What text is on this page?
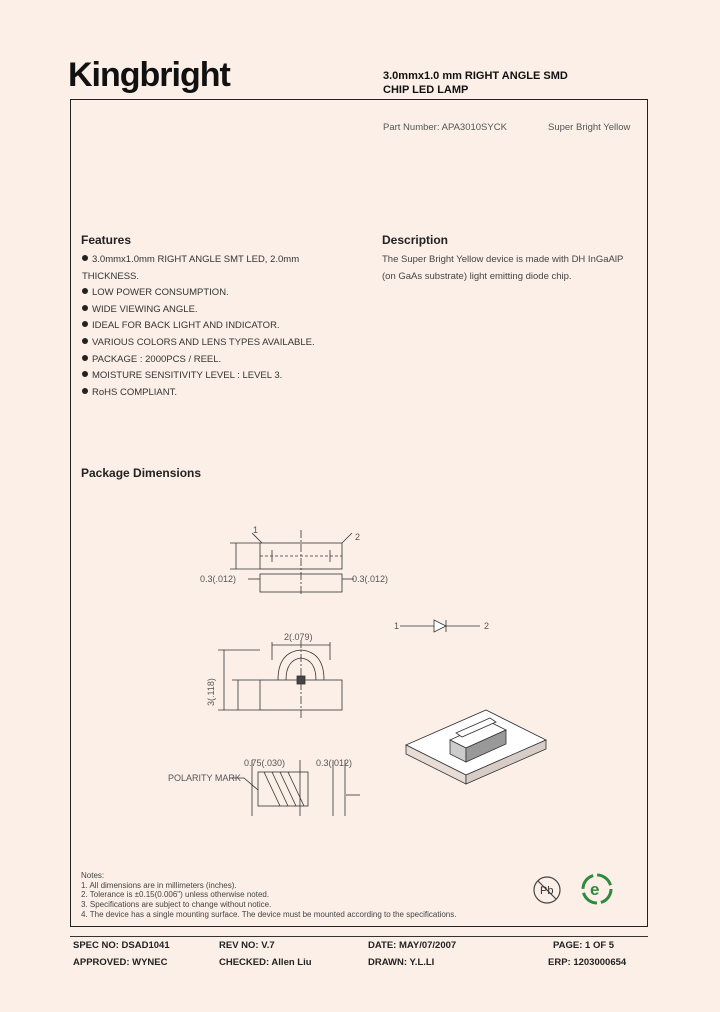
Kingbright	3.0mmx1.0 mm RIGHT ANGLE SMD
CHIP LED LAMP
Part Number: APA3010SYCK	Super Bright Yellow
Features	Description
3.0mmx1.0mm RIGHT ANGLE SMT LED, 2.0mm
THICKNESS.
LOW POWER CONSUMPTION.
WIDE VIEWING ANGLE.
IDEAL FOR BACK LIGHT AND INDICATOR.
VARIOUS COLORS AND LENS TYPES AVAILABLE.
PACKAGE : 2000PCS / REEL.
MOISTURE SENSITIVITY LEVEL : LEVEL 3.
RoHS COMPLIANT.
The Super Bright Yellow device is made with DH InGaAlP
(on GaAs substrate) light emitting diode chip.
Package Dimensions
0.3(.012)	0.3(.012)
1
2
1	2
2(.079)
3(.118)
0.75(.030)	0.3(.012)
POLARITY MARK
Pb e
Notes:
1. All dimensions are in millimeters (inches).
2. Tolerance is ±0.15(0.006") unless otherwise noted.
3. Specifications are subject to change without notice.
4. The device has a single mounting surface. The device must be mounted according to the specifications.
SPEC NO: DSAD1041	REV NO: V.7	DATE: MAY/07/2007	PAGE: 1 OF 5
APPROVED: WYNEC	CHECKED: Allen Liu	DRAWN: Y.L.LI	ERP: 1203000654
